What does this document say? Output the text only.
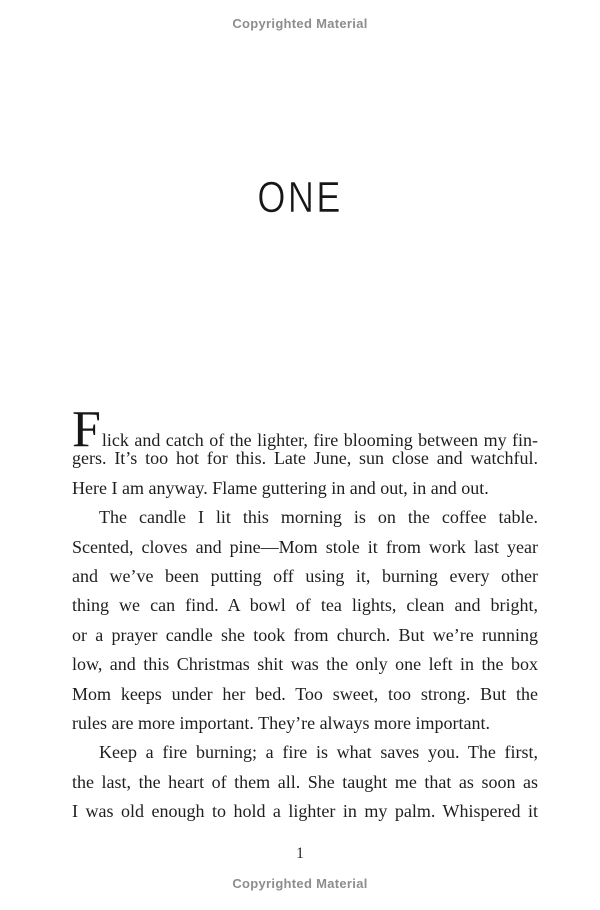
Copyrighted Material
ONE
Flick and catch of the lighter, fire blooming between my fin-
gers. It’s too hot for this. Late June, sun close and watchful.
Here I am anyway. Flame guttering in and out, in and out.
The candle I lit this morning is on the coffee table.
Scented, cloves and pine—Mom stole it from work last year
and we’ve been putting off using it, burning every other
thing we can find. A bowl of tea lights, clean and bright,
or a prayer candle she took from church. But we’re running
low, and this Christmas shit was the only one left in the box
Mom keeps under her bed. Too sweet, too strong. But the
rules are more important. They’re always more important.
Keep a fire burning; a fire is what saves you. The first,
the last, the heart of them all. She taught me that as soon as
I was old enough to hold a lighter in my palm. Whispered it
1
Copyrighted Material
